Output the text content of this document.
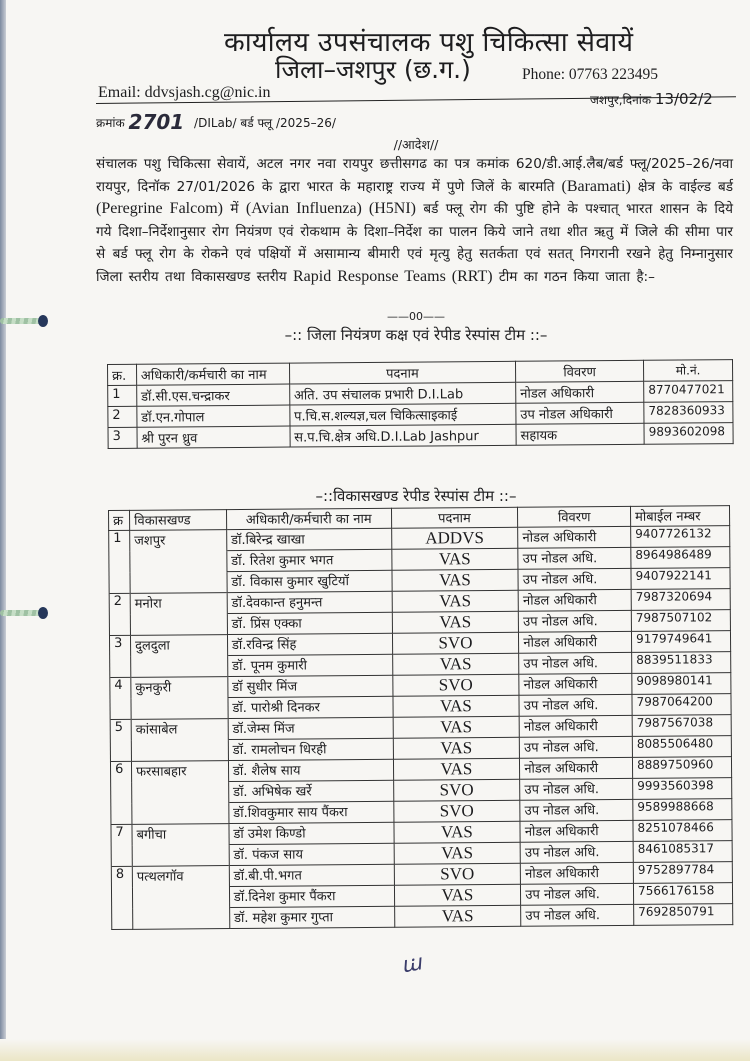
कार्यालय उपसंचालक पशु चिकित्सा सेवायें
जिला–जशपुर (छ.ग.)	Phone: 07763 223495
Email: ddvsjash.cg@nic.in	जशपुर,दिनांक 13/02/2
क्रमांक 2701 /DILab/ बर्ड फ्लू /2025–26/
//आदेश//
संचालक पशु चिकित्सा सेवायें, अटल नगर नवा रायपुर छत्तीसगढ का पत्र कमांक 620/डी.आई.लैब/बर्ड फ्लू/2025–26/नवा रायपुर, दिनॉक 27/01/2026 के द्वारा भारत के महाराष्ट्र राज्य में पुणे जिलें के बारमति (Baramati) क्षेत्र के वाईल्ड बर्ड (Peregrine Falcom) में (Avian Influenza) (H5NI) बर्ड फ्लू रोग की पुष्टि होने के पश्चात् भारत शासन के दिये गये दिशा–निर्देशानुसार रोग नियंत्रण एवं रोकथाम के दिशा–निर्देश का पालन किये जाने तथा शीत ऋतु में जिले की सीमा पार से बर्ड फ्लू रोग के रोकने एवं पक्षियों में असामान्य बीमारी एवं मृत्यु हेतु सतर्कता एवं सतत् निगरानी रखने हेतु निम्नानुसार जिला स्तरीय तथा विकासखण्ड स्तरीय Rapid Response Teams (RRT) टीम का गठन किया जाता है:–
——00——
–:: जिला नियंत्रण कक्ष एवं रेपीड रेस्पांस टीम ::–
क्र.	अधिकारी/कर्मचारी का नाम	पदनाम	विवरण	मो.नं.
1	डॉ.सी.एस.चन्द्राकर	अति. उप संचालक प्रभारी D.I.Lab	नोडल अधिकारी	8770477021
2	डॉ.एन.गोपाल	प.चि.स.शल्यज्ञ,चल चिकित्साइकाई	उप नोडल अधिकारी	7828360933
3	श्री पुरन ध्रुव	स.प.चि.क्षेत्र अधि.D.I.Lab Jashpur	सहायक	9893602098
–::विकासखण्ड रेपीड रेस्पांस टीम ::–
क्र	विकासखण्ड	अधिकारी/कर्मचारी का नाम	पदनाम	विवरण	मोबाईल नम्बर
1	जशपुर	डॉ.बिरेन्द्र खाखा	ADDVS	नोडल अधिकारी	9407726132
		डॉ. रितेश कुमार भगत	VAS	उप नोडल अधि.	8964986489
		डॉ. विकास कुमार खुटियॉ	VAS	उप नोडल अधि.	9407922141
2	मनोरा	डॉ.देवकान्त हनुमन्त	VAS	नोडल अधिकारी	7987320694
		डॉ. प्रिंस एक्का	VAS	उप नोडल अधि.	7987507102
3	दुलदुला	डॉ.रविन्द्र सिंह	SVO	नोडल अधिकारी	9179749641
		डॉ. पूनम कुमारी	VAS	उप नोडल अधि.	8839511833
4	कुनकुरी	डॉ सुधीर मिंज	SVO	नोडल अधिकारी	9098980141
		डॉ. पारोश्री दिनकर	VAS	उप नोडल अधि.	7987064200
5	कांसाबेल	डॉ.जेम्स मिंज	VAS	नोडल अधिकारी	7987567038
		डॉ. रामलोचन धिरही	VAS	उप नोडल अधि.	8085506480
6	फरसाबहार	डॉ. शैलेष साय	VAS	नोडल अधिकारी	8889750960
		डॉ. अभिषेक खर्रे	SVO	उप नोडल अधि.	9993560398
		डॉ.शिवकुमार साय पैंकरा	SVO	उप नोडल अधि.	9589988668
7	बगीचा	डॉ उमेश किण्डो	VAS	नोडल अधिकारी	8251078466
		डॉ. पंकज साय	VAS	उप नोडल अधि.	8461085317
8	पत्थलगॉव	डॉ.बी.पी.भगत	SVO	नोडल अधिकारी	9752897784
		डॉ.दिनेश कुमार पैंकरा	VAS	उप नोडल अधि.	7566176158
		डॉ. महेश कुमार गुप्ता	VAS	उप नोडल अधि.	7692850791
ꭐ
